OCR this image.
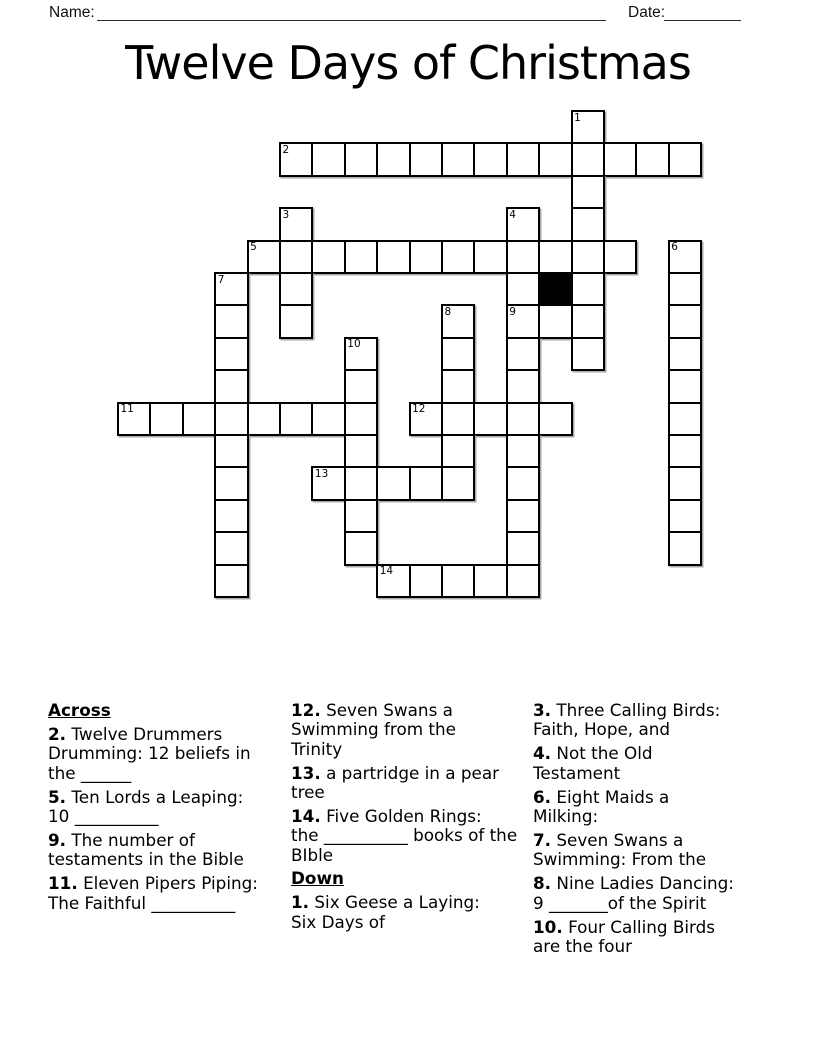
Name:	Date:
Twelve Days of Christmas
1
2
3	4
5	6
7
8	9
10
11	12
13
14
Across
2. Twelve Drummers
Drumming: 12 beliefs in
the ______
5. Ten Lords a Leaping:
10 __________
9. The number of
testaments in the Bible
11. Eleven Pipers Piping:
The Faithful __________
12. Seven Swans a
Swimming from the
Trinity
13. a partridge in a pear
tree
14. Five Golden Rings:
the __________ books of the
BIble
Down
1. Six Geese a Laying:
Six Days of
3. Three Calling Birds:
Faith, Hope, and
4. Not the Old
Testament
6. Eight Maids a
Milking:
7. Seven Swans a
Swimming: From the
8. Nine Ladies Dancing:
9 _______of the Spirit
10. Four Calling Birds
are the four
